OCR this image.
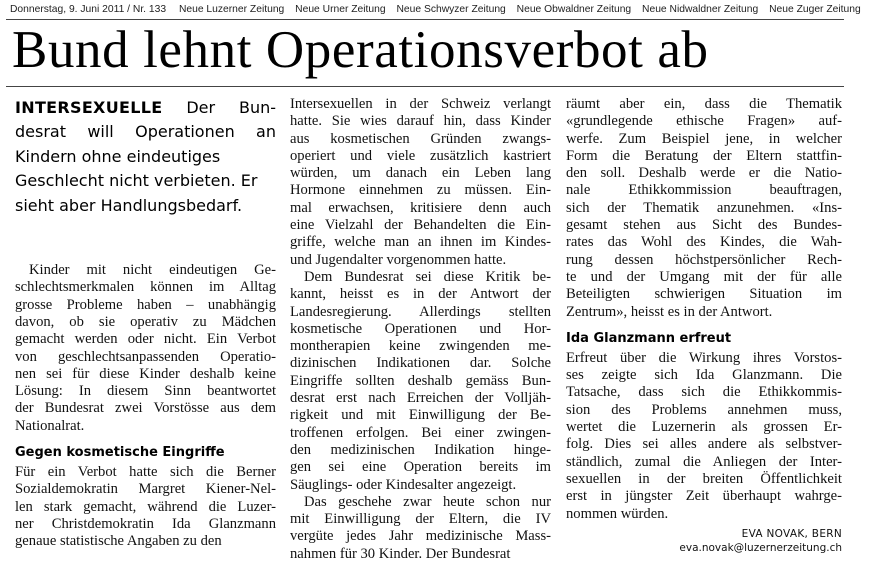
Donnerstag, 9. Juni 2011 / Nr. 133 Neue Luzerner Zeitung Neue Urner Zeitung Neue Schwyzer Zeitung Neue Obwaldner Zeitung Neue Nidwaldner Zeitung Neue Zuger Zeitung
Bund lehnt Operationsverbot ab
INTERSEXUELLE Der Bun-
desrat will Operationen an
Kindern ohne eindeutiges
Geschlecht nicht verbieten. Er
sieht aber Handlungsbedarf.
Kinder mit nicht eindeutigen Ge-
schlechtsmerkmalen können im Alltag
grosse Probleme haben – unabhängig
davon, ob sie operativ zu Mädchen
gemacht werden oder nicht. Ein Verbot
von geschlechtsanpassenden Operatio-
nen sei für diese Kinder deshalb keine
Lösung: In diesem Sinn beantwortet
der Bundesrat zwei Vorstösse aus dem
Nationalrat.
Gegen kosmetische Eingriffe
Für ein Verbot hatte sich die Berner
Sozialdemokratin Margret Kiener-Nel-
len stark gemacht, während die Luzer-
ner Christdemokratin Ida Glanzmann
genaue statistische Angaben zu den
Intersexuellen in der Schweiz verlangt
hatte. Sie wies darauf hin, dass Kinder
aus kosmetischen Gründen zwangs-
operiert und viele zusätzlich kastriert
würden, um danach ein Leben lang
Hormone einnehmen zu müssen. Ein-
mal erwachsen, kritisiere denn auch
eine Vielzahl der Behandelten die Ein-
griffe, welche man an ihnen im Kindes-
und Jugendalter vorgenommen hatte.
Dem Bundesrat sei diese Kritik be-
kannt, heisst es in der Antwort der
Landesregierung. Allerdings stellten
kosmetische Operationen und Hor-
montherapien keine zwingenden me-
dizinischen Indikationen dar. Solche
Eingriffe sollten deshalb gemäss Bun-
desrat erst nach Erreichen der Volljäh-
rigkeit und mit Einwilligung der Be-
troffenen erfolgen. Bei einer zwingen-
den medizinischen Indikation hinge-
gen sei eine Operation bereits im
Säuglings- oder Kindesalter angezeigt.
Das geschehe zwar heute schon nur
mit Einwilligung der Eltern, die IV
vergüte jedes Jahr medizinische Mass-
nahmen für 30 Kinder. Der Bundesrat
räumt aber ein, dass die Thematik
«grundlegende ethische Fragen» auf-
werfe. Zum Beispiel jene, in welcher
Form die Beratung der Eltern stattfin-
den soll. Deshalb werde er die Natio-
nale Ethikkommission beauftragen,
sich der Thematik anzunehmen. «Ins-
gesamt stehen aus Sicht des Bundes-
rates das Wohl des Kindes, die Wah-
rung dessen höchstpersönlicher Rech-
te und der Umgang mit der für alle
Beteiligten schwierigen Situation im
Zentrum», heisst es in der Antwort.
Ida Glanzmann erfreut
Erfreut über die Wirkung ihres Vorstos-
ses zeigte sich Ida Glanzmann. Die
Tatsache, dass sich die Ethikkommis-
sion des Problems annehmen muss,
wertet die Luzernerin als grossen Er-
folg. Dies sei alles andere als selbstver-
ständlich, zumal die Anliegen der Inter-
sexuellen in der breiten Öffentlichkeit
erst in jüngster Zeit überhaupt wahrge-
nommen würden.
EVA NOVAK, BERN
eva.novak@luzernerzeitung.ch
